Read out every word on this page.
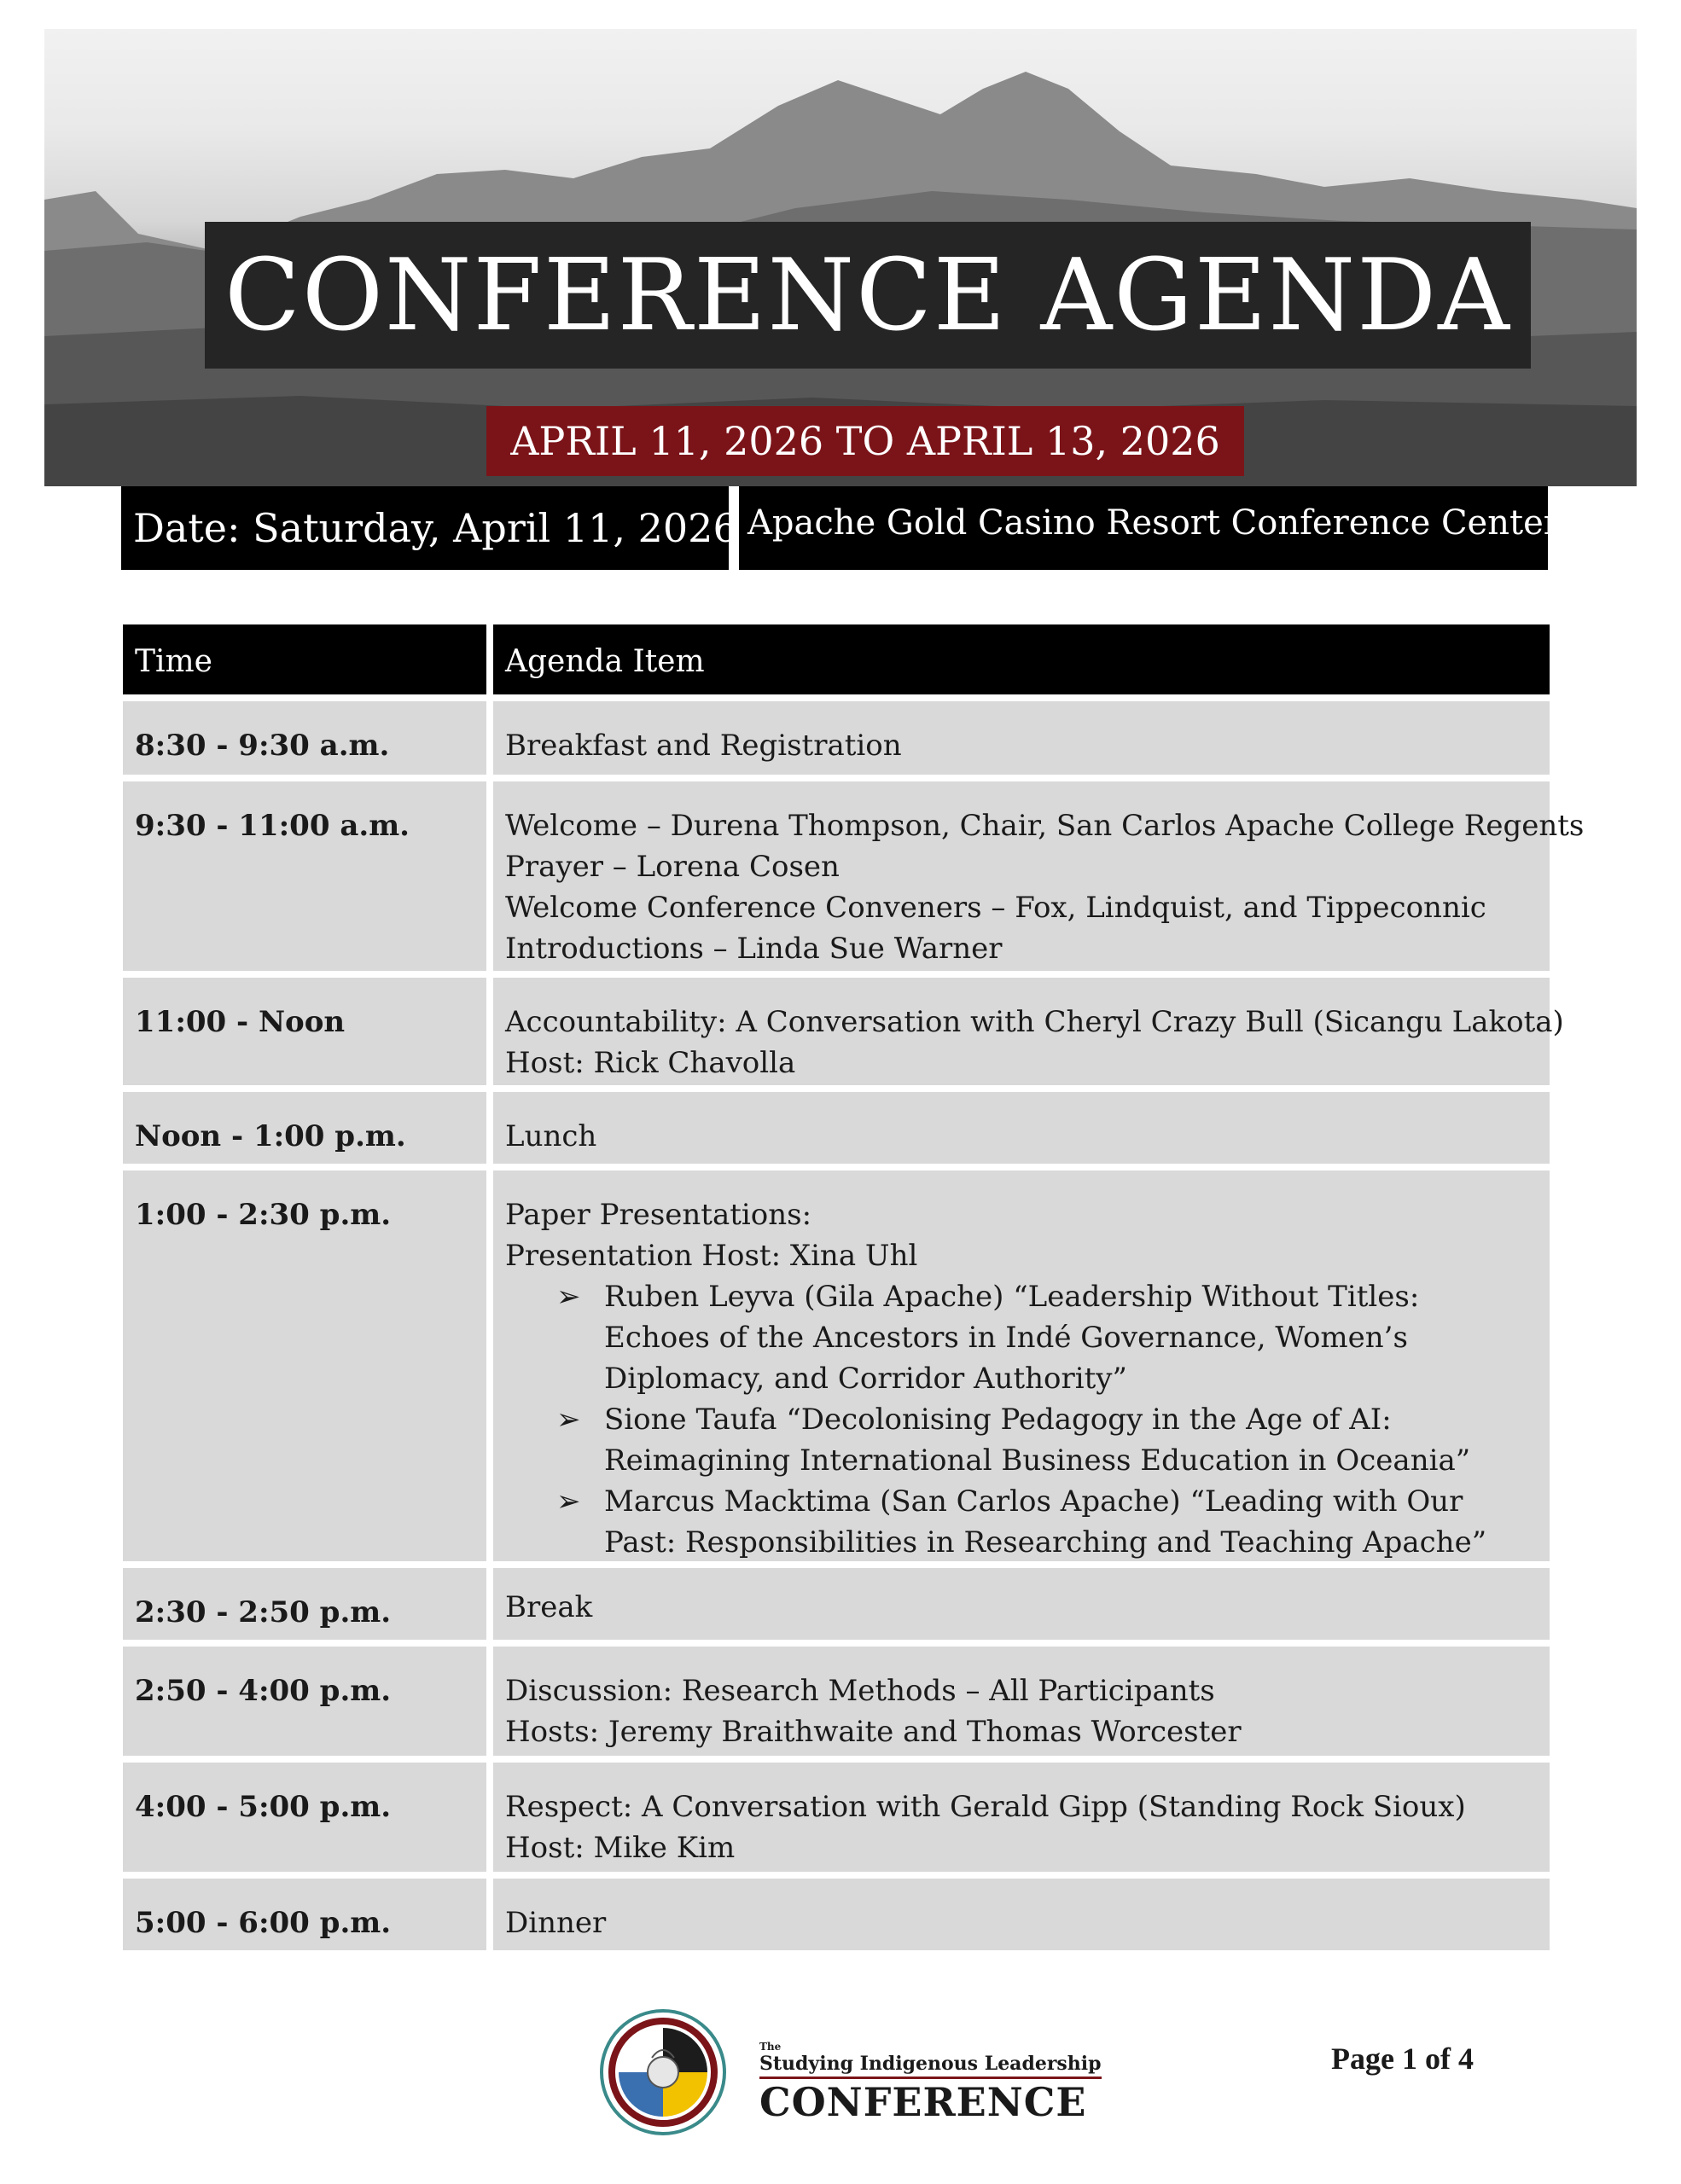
CONFERENCE AGENDA
APRIL 11, 2026 TO APRIL 13, 2026
Date: Saturday, April 11, 2026 Apache Gold Casino Resort Conference Center
Time	Agenda Item
8:30 - 9:30 a.m.	Breakfast and Registration
9:30 - 11:00 a.m.	Welcome – Durena Thompson, Chair, San Carlos Apache College Regents
Prayer – Lorena Cosen
Welcome Conference Conveners – Fox, Lindquist, and Tippeconnic
Introductions – Linda Sue Warner
11:00 - Noon	Accountability: A Conversation with Cheryl Crazy Bull (Sicangu Lakota)
Host: Rick Chavolla
Noon - 1:00 p.m.	Lunch
1:00 - 2:30 p.m.	Paper Presentations:
Presentation Host: Xina Uhl
➢ Ruben Leyva (Gila Apache) “Leadership Without Titles: Echoes of the Ancestors in Indé Governance, Women’s Diplomacy, and Corridor Authority”
➢ Sione Taufa “Decolonising Pedagogy in the Age of AI: Reimagining International Business Education in Oceania”
➢ Marcus Macktima (San Carlos Apache) “Leading with Our Past: Responsibilities in Researching and Teaching Apache”
2:30 - 2:50 p.m.	Break
2:50 - 4:00 p.m.	Discussion: Research Methods – All Participants
Hosts: Jeremy Braithwaite and Thomas Worcester
4:00 - 5:00 p.m.	Respect: A Conversation with Gerald Gipp (Standing Rock Sioux)
Host: Mike Kim
5:00 - 6:00 p.m.	Dinner
The
Studying Indigenous Leadership
CONFERENCE
Page 1 of 4
